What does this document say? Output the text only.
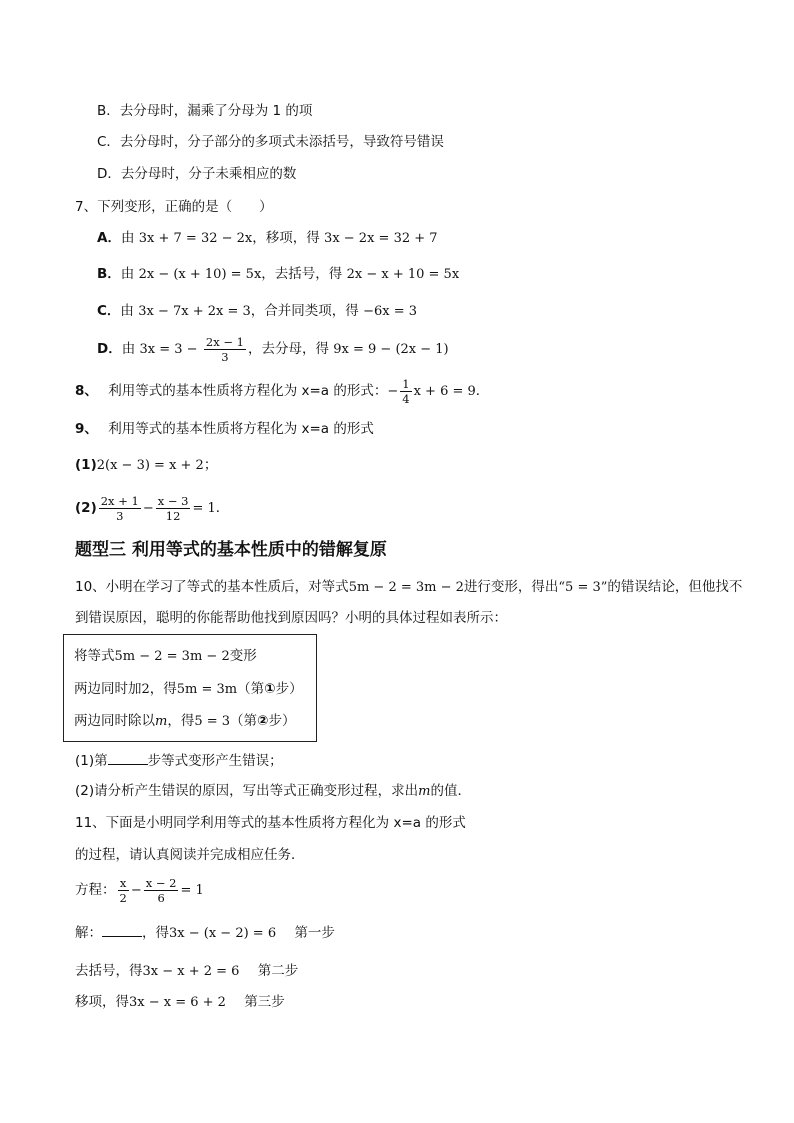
B．去分母时，漏乘了分母为 1 的项
C．去分母时，分子部分的多项式未添括号，导致符号错误
D．去分母时，分子未乘相应的数
7、下列变形，正确的是（　　）
A．由 3x + 7 = 32 − 2x，移项，得 3x − 2x = 32 + 7
B．由 2x − (x + 10) = 5x，去括号，得 2x − x + 10 = 5x
C．由 3x − 7x + 2x = 3，合并同类项，得 −6x = 3
D．由 $3x = 3 - \frac{2x - 1}{3}$ ，去分母，得 9x = 9 − (2x − 1)
8、 利用等式的基本性质将方程化为 x=a 的形式：− $\frac{1}{4}$ x + 6 = 9．
9、 利用等式的基本性质将方程化为 x=a 的形式
(1)2(x − 3) = x + 2；
$(2) \frac{2x + 1}{3} - \frac{x - 3}{12} = 1$．
题型三 利用等式的基本性质中的错解复原
10、小明在学习了等式的基本性质后，对等式5m − 2 = 3m − 2进行变形，得出“5 = 3”的错误结论，但他找不
到错误原因，聪明的你能帮助他找到原因吗？小明的具体过程如表所示：
将等式5m − 2 = 3m − 2变形
两边同时加2，得5m = 3m（第①步）
两边同时除以m，得5 = 3（第②步）
(1)第	步等式变形产生错误；
(2)请分析产生错误的原因，写出等式正确变形过程，求出m的值．
11、下面是小明同学利用等式的基本性质将方程化为 x=a 的形式
的过程，请认真阅读并完成相应任务．
方程： $\frac{x}{2} - \frac{x - 2}{6} = 1$
解：	，得3x − (x − 2) = 6 第一步
去括号，得3x − x + 2 = 6 第二步
移项，得3x − x = 6 + 2 第三步
